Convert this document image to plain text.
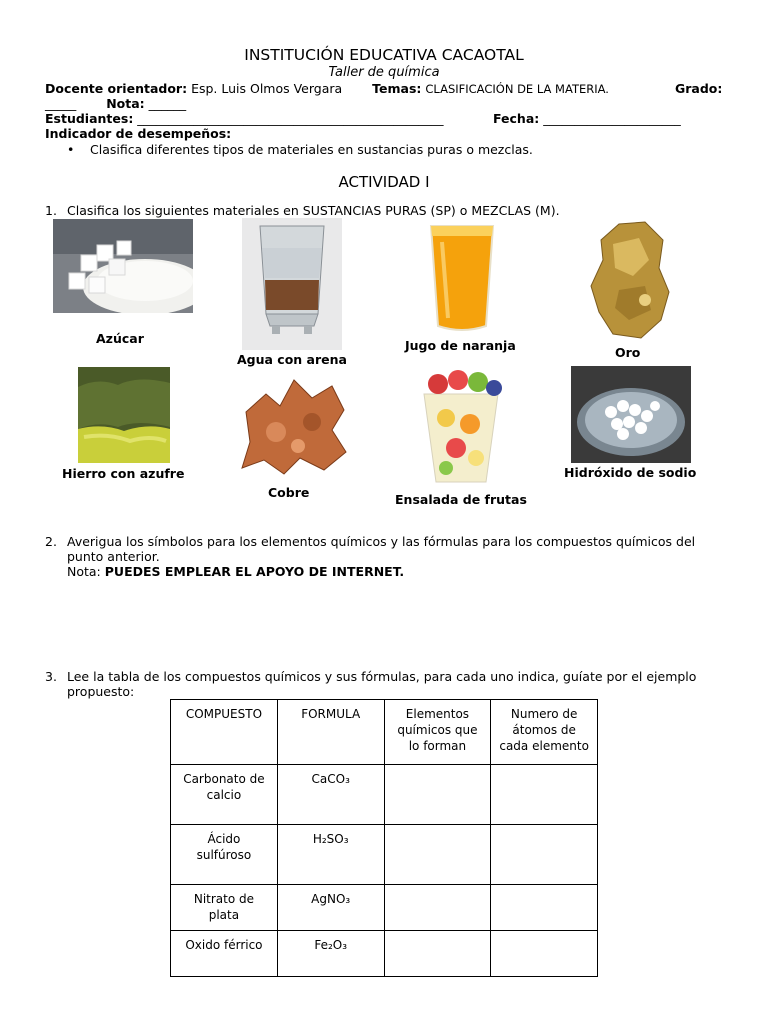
INSTITUCIÓN EDUCATIVA CACAOTAL
Taller de química
Docente orientador: Esp. Luis Olmos Vergara Temas: CLASIFICACIÓN DE LA MATERIA.	Grado:
_____ Nota: ______
Estudiantes: _________________________________________________	Fecha: ______________________
Indicador de desempeños:
• Clasifica diferentes tipos de materiales en sustancias puras o mezclas.
ACTIVIDAD I
1. Clasifica los siguientes materiales en SUSTANCIAS PURAS (SP) o MEZCLAS (M).
Azúcar
Agua con arena
Jugo de naranja	Oro
Hierro con azufre
Cobre	Ensalada de frutas
Hidróxido de sodio
2. Averigua los símbolos para los elementos químicos y las fórmulas para los compuestos químicos del punto anterior.
Nota: PUEDES EMPLEAR EL APOYO DE INTERNET.
3. Lee la tabla de los compuestos químicos y sus fórmulas, para cada uno indica, guíate por el ejemplo propuesto:
COMPUESTO	FORMULA	Elementos químicos que lo forman	Numero de átomos de cada elemento
Carbonato de calcio	CaCO₃		
Ácido sulfúroso	H₂SO₃		
Nitrato de plata	AgNO₃		
Oxido férrico	Fe₂O₃		
